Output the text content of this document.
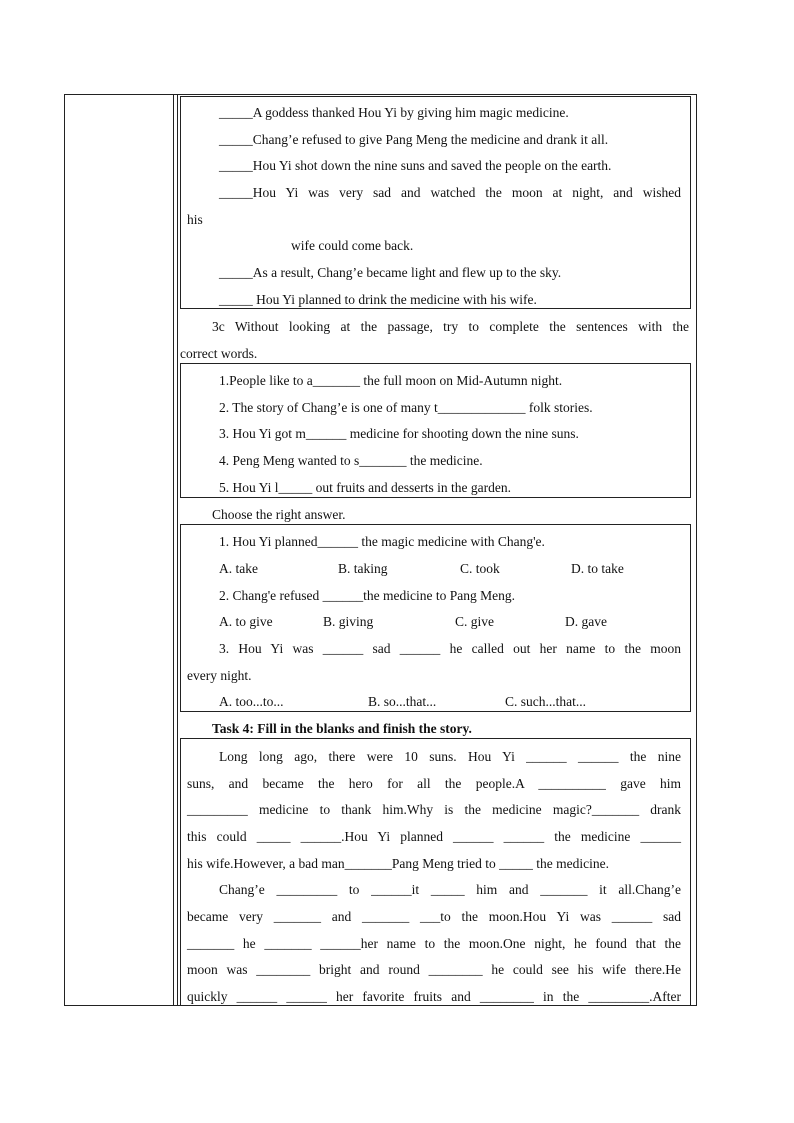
_____A goddess thanked Hou Yi by giving him magic medicine.
_____Chang’e refused to give Pang Meng the medicine and drank it all.
_____Hou Yi shot down the nine suns and saved the people on the earth.
_____Hou Yi was very sad and watched the moon at night, and wished
his
wife could come back.
_____As a result, Chang’e became light and flew up to the sky.
_____ Hou Yi planned to drink the medicine with his wife.
3c Without looking at the passage, try to complete the sentences with the
correct words.
1.People like to a_______ the full moon on Mid-Autumn night.
2. The story of Chang’e is one of many t_____________ folk stories.
3. Hou Yi got m______ medicine for shooting down the nine suns.
4. Peng Meng wanted to s_______ the medicine.
5. Hou Yi l_____ out fruits and desserts in the garden.
Choose the right answer.
1. Hou Yi planned______ the magic medicine with Chang'e.
A. take	B. taking	C. took	D. to take
2. Chang'e refused ______the medicine to Pang Meng.
A. to give	B. giving	C. give	D. gave
3. Hou Yi was ______ sad ______ he called out her name to the moon
every night.
A. too...to...	B. so...that...	C. such...that...
Task 4: Fill in the blanks and finish the story.
Long long ago, there were 10 suns. Hou Yi ______ ______ the nine
suns, and became the hero for all the people.A __________ gave him
_________ medicine to thank him.Why is the medicine magic?_______ drank
this could _____ ______.Hou Yi planned ______ ______ the medicine ______
his wife.However, a bad man_______Pang Meng tried to _____ the medicine.
Chang’e _________ to ______it _____ him and _______ it all.Chang’e
became very _______ and _______ ___to the moon.Hou Yi was ______ sad
_______ he _______ ______her name to the moon.One night, he found that the
moon was ________ bright and round ________ he could see his wife there.He
quickly ______ ______ her favorite fruits and ________ in the _________.After
